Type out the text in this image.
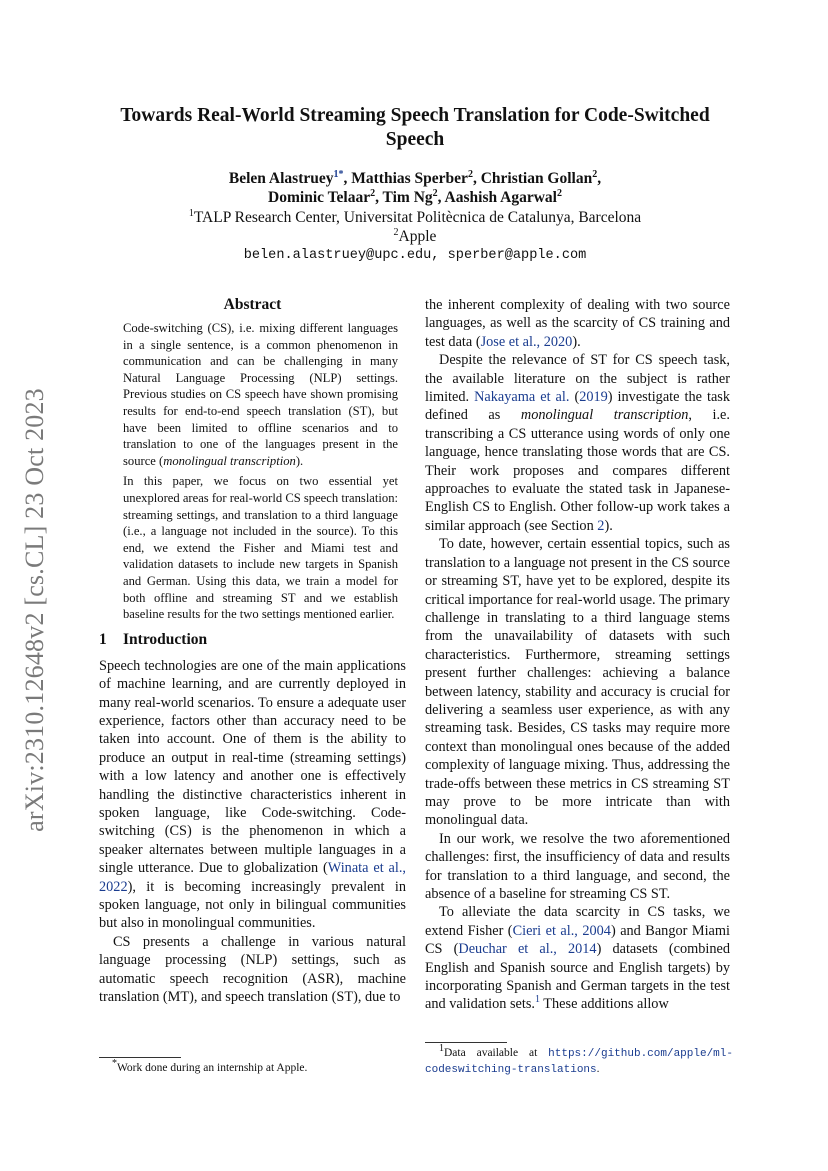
arXiv:2310.12648v2 [cs.CL] 23 Oct 2023
Towards Real-World Streaming Speech Translation for Code-Switched Speech
Belen Alastruey$^{1*}$, Matthias Sperber$^2$, Christian Gollan$^2$,
Dominic Telaar$^2$, Tim Ng$^2$, Aashish Agarwal$^2$
$^1$TALP Research Center, Universitat Politècnica de Catalunya, Barcelona
$^2$Apple
belen.alastruey@upc.edu, sperber@apple.com
Abstract

Code-switching (CS), i.e. mixing different languages in a single sentence, is a common phenomenon in communication and can be challenging in many Natural Language Processing (NLP) settings. Previous studies on CS speech have shown promising results for end-to-end speech translation (ST), but have been limited to offline scenarios and to translation to one of the languages present in the source (monolingual transcription).

In this paper, we focus on two essential yet unexplored areas for real-world CS speech translation: streaming settings, and translation to a third language (i.e., a language not included in the source). To this end, we extend the Fisher and Miami test and validation datasets to include new targets in Spanish and German. Using this data, we train a model for both offline and streaming ST and we establish baseline results for the two settings mentioned earlier.

1 Introduction

Speech technologies are one of the main applications of machine learning, and are currently deployed in many real-world scenarios. To ensure a adequate user experience, factors other than accuracy need to be taken into account. One of them is the ability to produce an output in real-time (streaming settings) with a low latency and another one is effectively handling the distinctive characteristics inherent in spoken language, like Code-switching. Code-switching (CS) is the phenomenon in which a speaker alternates between multiple languages in a single utterance. Due to globalization (Winata et al., 2022), it is becoming increasingly prevalent in spoken language, not only in bilingual communities but also in monolingual communities.

CS presents a challenge in various natural language processing (NLP) settings, such as automatic speech recognition (ASR), machine translation (MT), and speech translation (ST), due to

the inherent complexity of dealing with two source languages, as well as the scarcity of CS training and test data (Jose et al., 2020).

Despite the relevance of ST for CS speech task, the available literature on the subject is rather limited. Nakayama et al. (2019) investigate the task defined as monolingual transcription, i.e. transcribing a CS utterance using words of only one language, hence translating those words that are CS. Their work proposes and compares different approaches to evaluate the stated task in Japanese-English CS to English. Other follow-up work takes a similar approach (see Section 2).

To date, however, certain essential topics, such as translation to a language not present in the CS source or streaming ST, have yet to be explored, despite its critical importance for real-world usage. The primary challenge in translating to a third language stems from the unavailability of datasets with such characteristics. Furthermore, streaming settings present further challenges: achieving a balance between latency, stability and accuracy is crucial for delivering a seamless user experience, as with any streaming task. Besides, CS tasks may require more context than monolingual ones because of the added complexity of language mixing. Thus, addressing the trade-offs between these metrics in CS streaming ST may prove to be more intricate than with monolingual data.

In our work, we resolve the two aforementioned challenges: first, the insufficiency of data and results for translation to a third language, and second, the absence of a baseline for streaming CS ST.

To alleviate the data scarcity in CS tasks, we extend Fisher (Cieri et al., 2004) and Bangor Miami CS (Deuchar et al., 2014) datasets (combined English and Spanish source and English targets) by incorporating Spanish and German targets in the test and validation sets.$^1$ These additions allow

*Work done during an internship at Apple.
$^1$Data available at https://github.com/apple/ml-codeswitching-translations.
